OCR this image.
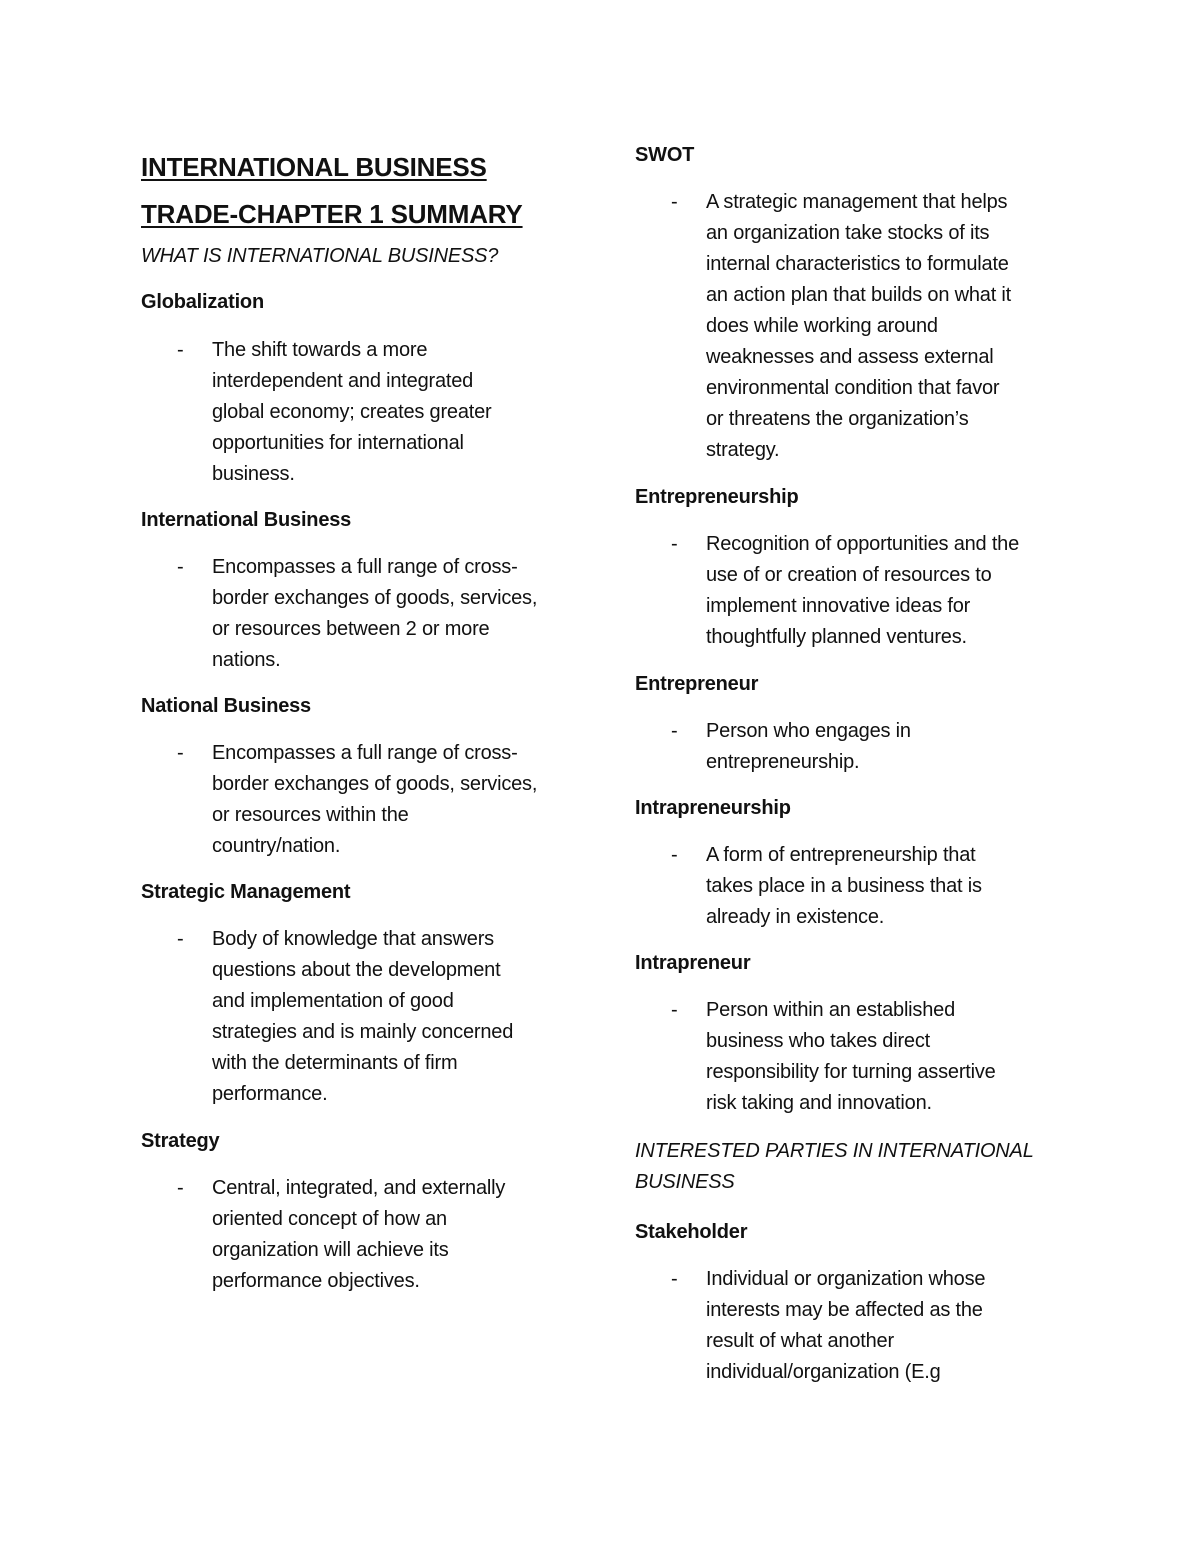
INTERNATIONAL BUSINESS
TRADE-CHAPTER 1 SUMMARY

WHAT IS INTERNATIONAL BUSINESS?

Globalization

- The shift towards a more
interdependent and integrated
global economy; creates greater
opportunities for international
business.

International Business

- Encompasses a full range of cross-
border exchanges of goods, services,
or resources between 2 or more
nations.

National Business

- Encompasses a full range of cross-
border exchanges of goods, services,
or resources within the
country/nation.

Strategic Management

- Body of knowledge that answers
questions about the development
and implementation of good
strategies and is mainly concerned
with the determinants of firm
performance.

Strategy

- Central, integrated, and externally
oriented concept of how an
organization will achieve its
performance objectives.

SWOT

- A strategic management that helps
an organization take stocks of its
internal characteristics to formulate
an action plan that builds on what it
does while working around
weaknesses and assess external
environmental condition that favor
or threatens the organization’s
strategy.

Entrepreneurship

- Recognition of opportunities and the
use of or creation of resources to
implement innovative ideas for
thoughtfully planned ventures.

Entrepreneur

- Person who engages in
entrepreneurship.

Intrapreneurship

- A form of entrepreneurship that
takes place in a business that is
already in existence.

Intrapreneur

- Person within an established
business who takes direct
responsibility for turning assertive
risk taking and innovation.

INTERESTED PARTIES IN INTERNATIONAL
BUSINESS

Stakeholder

- Individual or organization whose
interests may be affected as the
result of what another
individual/organization (E.g
